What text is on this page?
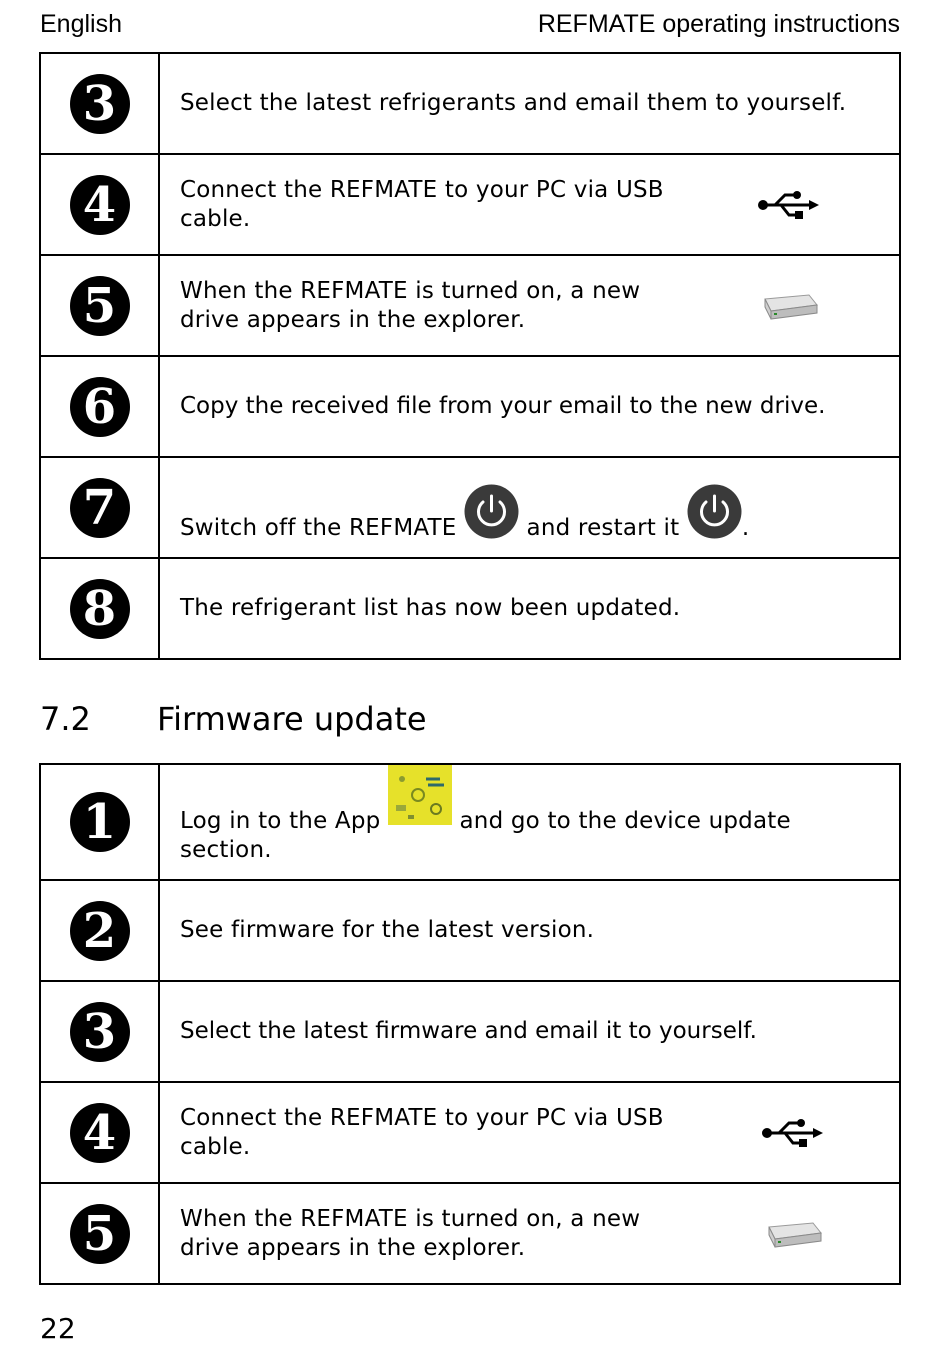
English	REFMATE operating instructions
3	Select the latest refrigerants and email them to yourself.
4	Connect the REFMATE to your PC via USB cable.

5	When the REFMATE is turned on, a new drive appears in the explorer.

6	Copy the received file from your email to the new drive.
7	Switch off the REFMATE and restart it .
8	The refrigerant list has now been updated.
7.2 Firmware update
1	Log in to the App and go to the device update section.
2	See firmware for the latest version.
3	Select the latest firmware and email it to yourself.
4	Connect the REFMATE to your PC via USB cable.

5	When the REFMATE is turned on, a new drive appears in the explorer.
22
